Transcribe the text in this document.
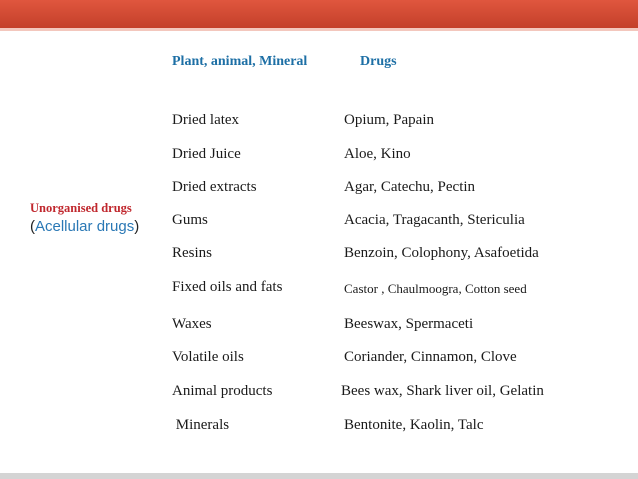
Unorganised drugs
(Acellular drugs)
Plant, animal, Mineral	Drugs
Dried latex	Opium, Papain
Dried Juice	Aloe, Kino
Dried extracts	Agar, Catechu, Pectin
Gums	Acacia, Tragacanth, Stericulia
Resins	Benzoin, Colophony, Asafoetida
Fixed oils and fats	Castor , Chaulmoogra, Cotton seed
Waxes	Beeswax, Spermaceti
Volatile oils	Coriander, Cinnamon, Clove
Animal products	Bees wax, Shark liver oil, Gelatin
Minerals	Bentonite, Kaolin, Talc
